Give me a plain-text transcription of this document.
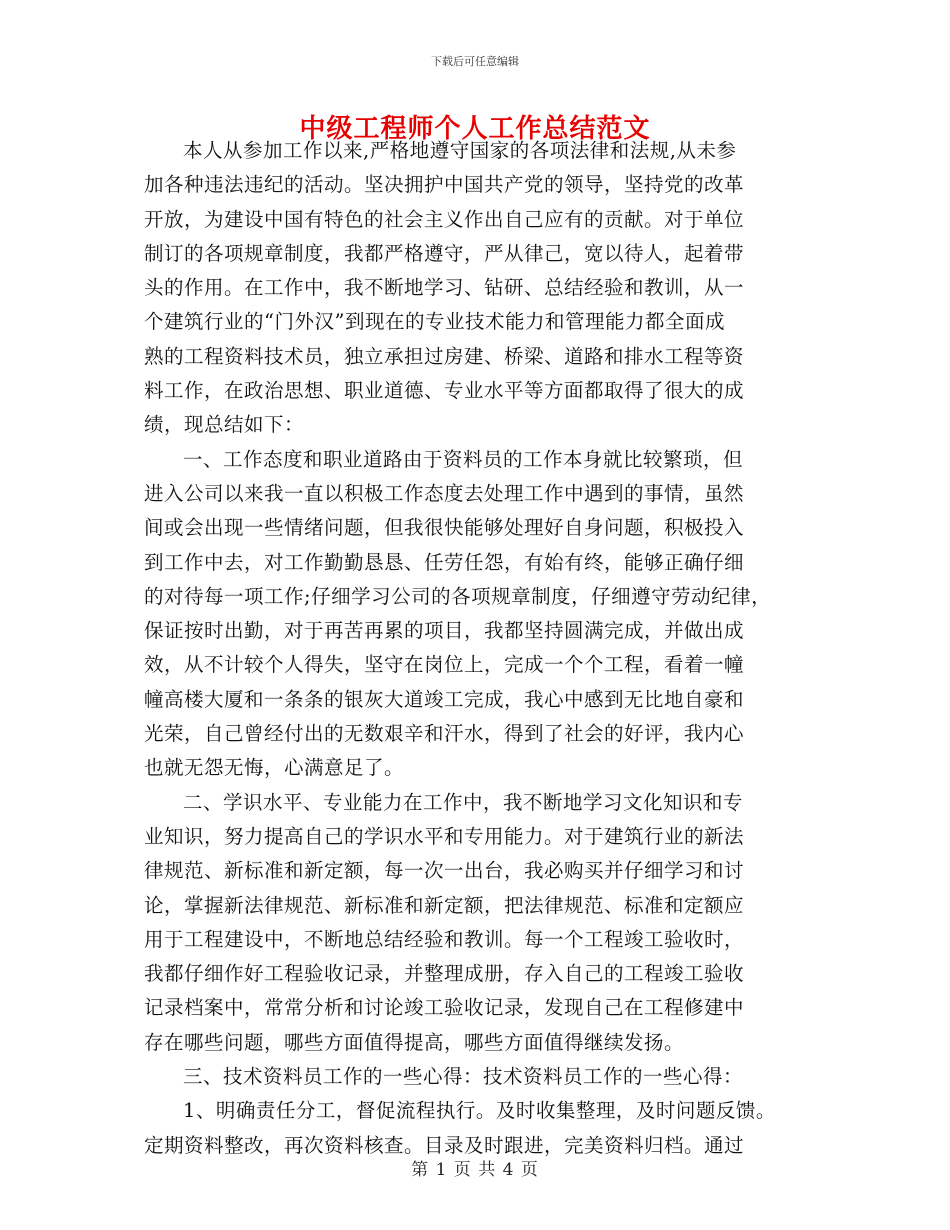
下载后可任意编辑
中级工程师个人工作总结范文
本人从参加工作以来,严格地遵守国家的各项法律和法规,从未参
加各种违法违纪的活动。坚决拥护中国共产党的领导，坚持党的改革
开放，为建设中国有特色的社会主义作出自己应有的贡献。对于单位
制订的各项规章制度，我都严格遵守，严从律己，宽以待人，起着带
头的作用。在工作中，我不断地学习、钻研、总结经验和教训，从一
个建筑行业的“门外汉”到现在的专业技术能力和管理能力都全面成
熟的工程资料技术员，独立承担过房建、桥梁、道路和排水工程等资
料工作，在政治思想、职业道德、专业水平等方面都取得了很大的成
绩，现总结如下：
一、工作态度和职业道路由于资料员的工作本身就比较繁琐，但
进入公司以来我一直以积极工作态度去处理工作中遇到的事情，虽然
间或会出现一些情绪问题，但我很快能够处理好自身问题，积极投入
到工作中去，对工作勤勤恳恳、任劳任怨，有始有终，能够正确仔细
的对待每一项工作;仔细学习公司的各项规章制度，仔细遵守劳动纪律，
保证按时出勤，对于再苦再累的项目，我都坚持圆满完成，并做出成
效，从不计较个人得失，坚守在岗位上，完成一个个工程，看着一幢
幢高楼大厦和一条条的银灰大道竣工完成，我心中感到无比地自豪和
光荣，自己曾经付出的无数艰辛和汗水，得到了社会的好评，我内心
也就无怨无悔，心满意足了。
二、学识水平、专业能力在工作中，我不断地学习文化知识和专
业知识，努力提高自己的学识水平和专用能力。对于建筑行业的新法
律规范、新标准和新定额，每一次一出台，我必购买并仔细学习和讨
论，掌握新法律规范、新标准和新定额，把法律规范、标准和定额应
用于工程建设中，不断地总结经验和教训。每一个工程竣工验收时，
我都仔细作好工程验收记录，并整理成册，存入自己的工程竣工验收
记录档案中，常常分析和讨论竣工验收记录，发现自己在工程修建中
存在哪些问题，哪些方面值得提高，哪些方面值得继续发扬。
三、技术资料员工作的一些心得：技术资料员工作的一些心得：
1、明确责任分工，督促流程执行。及时收集整理，及时问题反馈。
定期资料整改，再次资料核查。目录及时跟进，完美资料归档。通过
第 1 页 共 4 页
